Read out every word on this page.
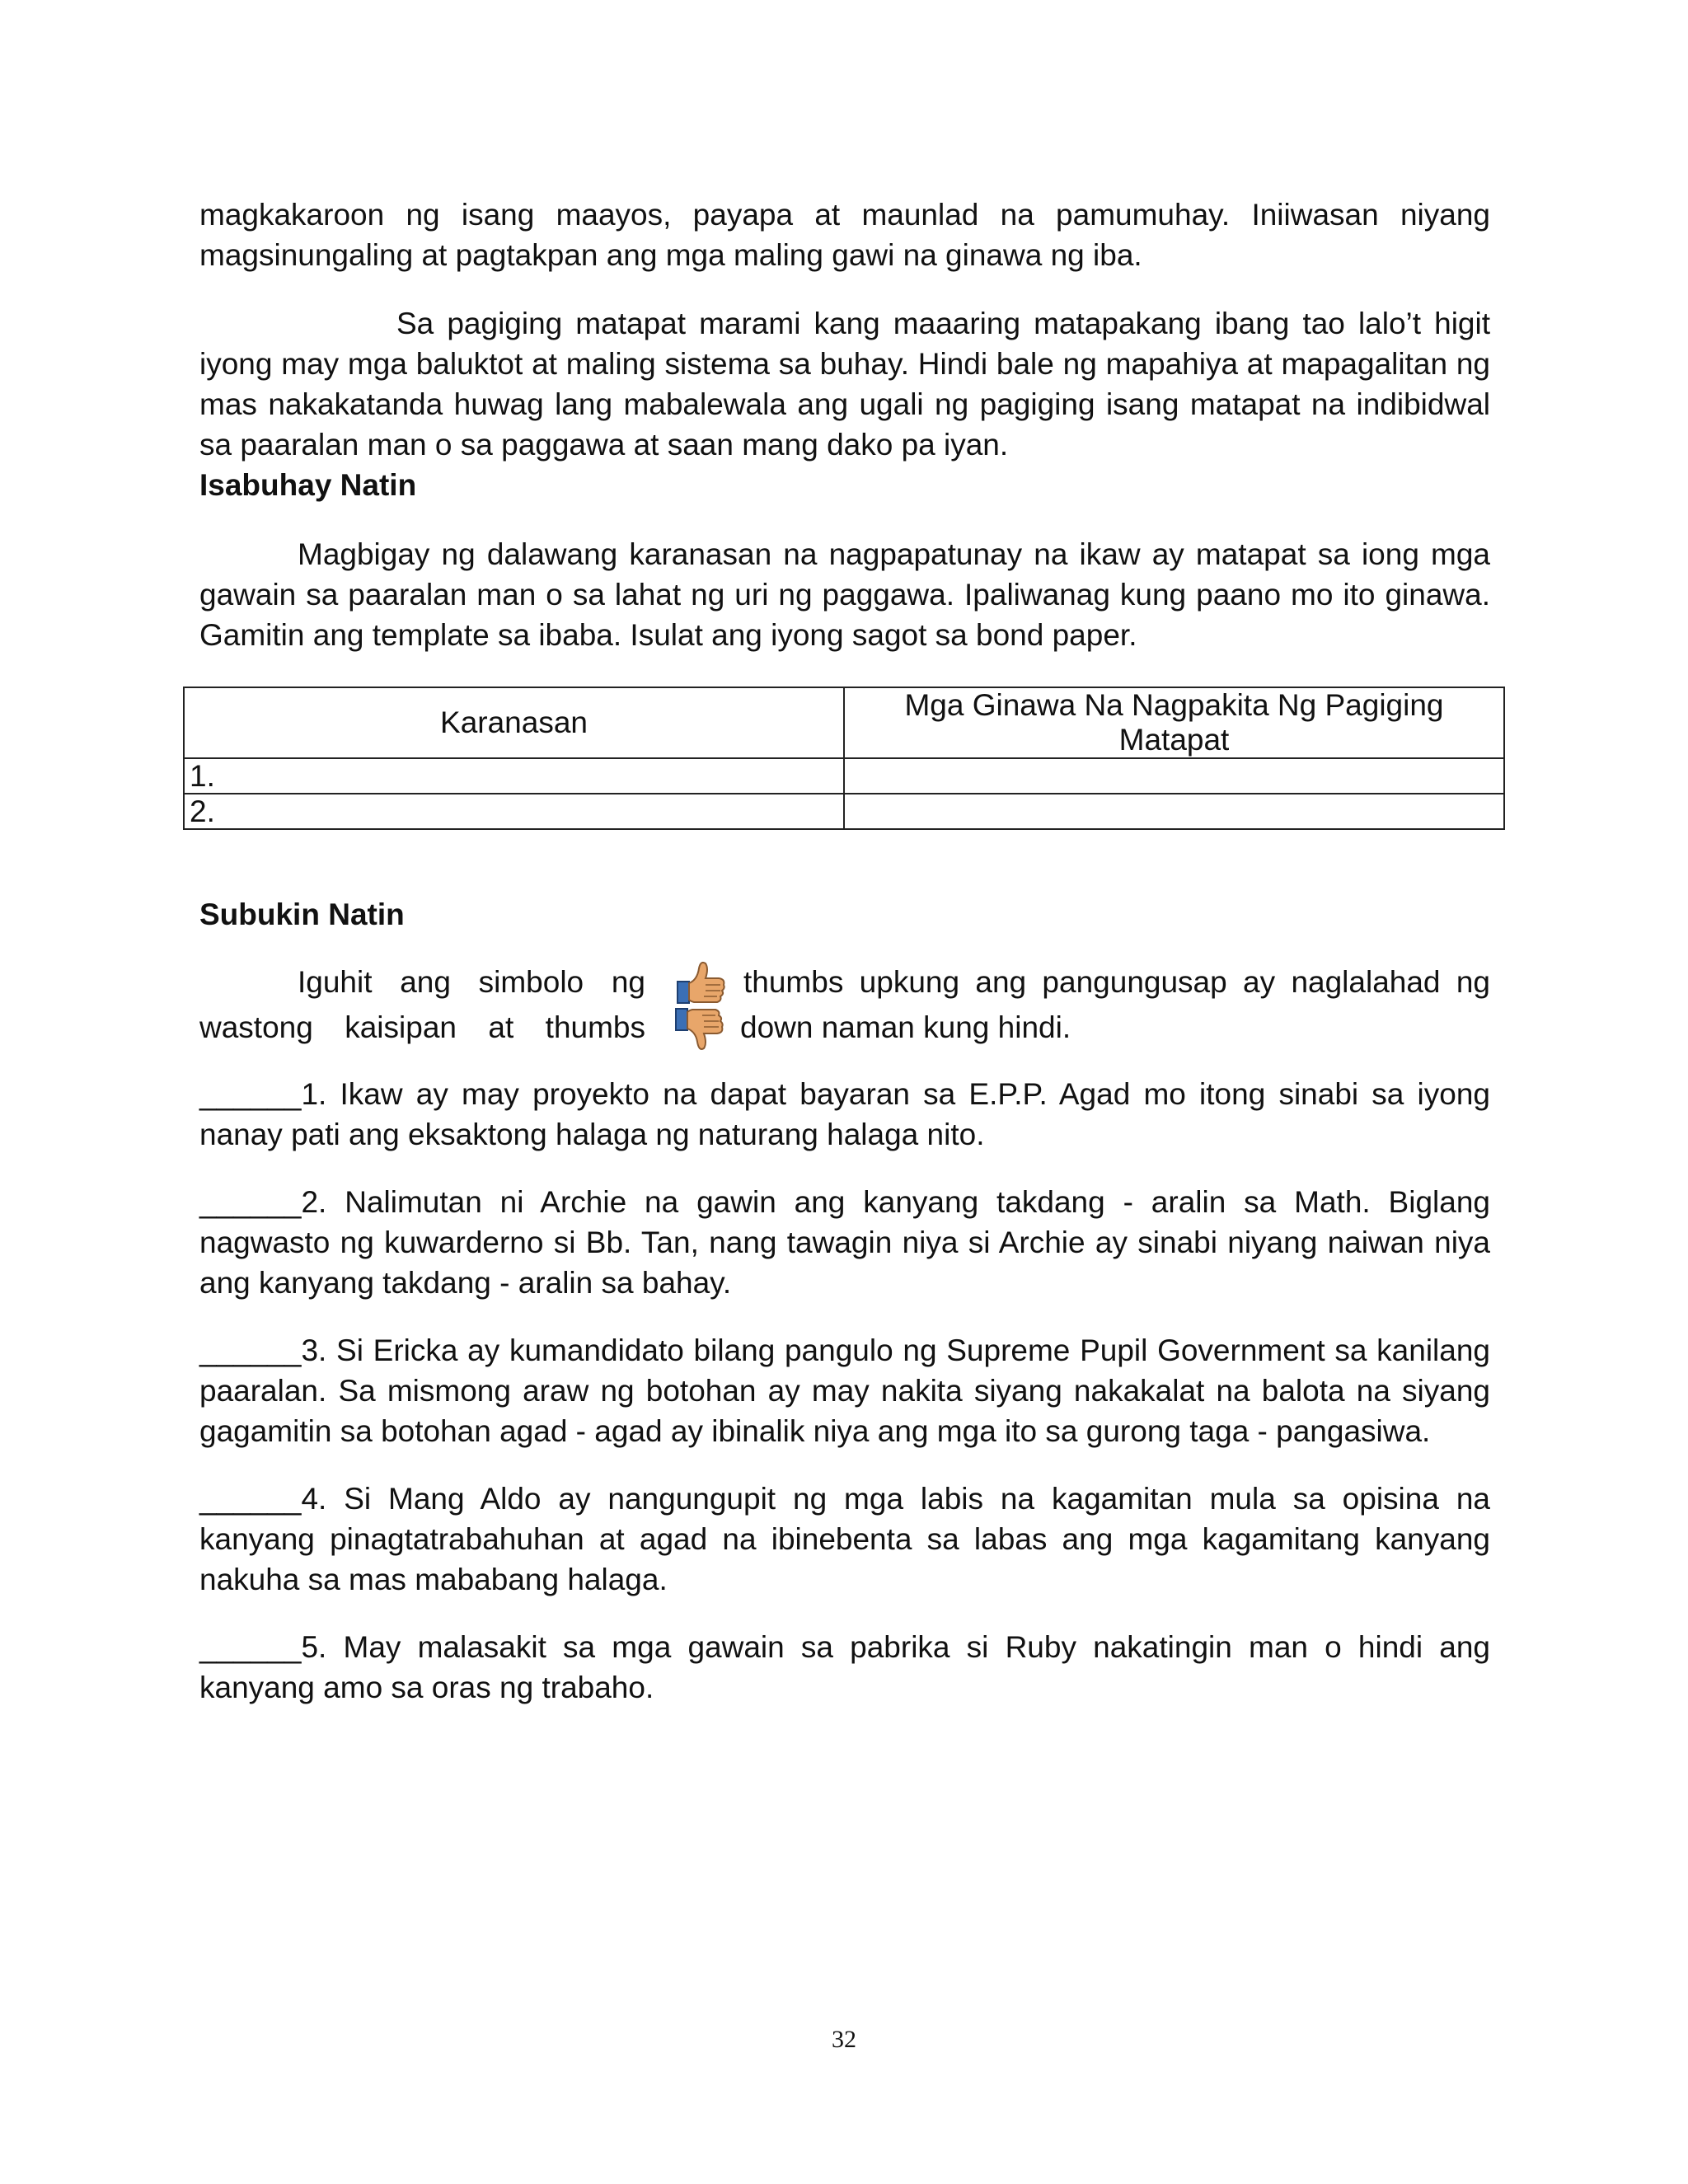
magkakaroon ng isang maayos, payapa at maunlad na pamumuhay. Iniiwasan niyang

magsinungaling at pagtakpan ang mga maling gawi na ginawa ng iba.

Sa pagiging matapat marami kang maaaring matapakang ibang tao lalo’t higit iyong may mga baluktot at maling sistema sa buhay. Hindi bale ng mapahiya at mapagalitan ng mas nakakatanda huwag lang mabalewala ang ugali ng pagiging isang matapat na indibidwal sa paaralan man o sa paggawa at saan mang dako pa iyan.

Isabuhay Natin

Magbigay ng dalawang karanasan na nagpapatunay na ikaw ay matapat sa iong mga gawain sa paaralan man o sa lahat ng uri ng paggawa. Ipaliwanag kung paano mo ito ginawa. Gamitin ang template sa ibaba. Isulat ang iyong sagot sa bond paper.

Karanasan	Mga Ginawa Na Nagpakita Ng Pagiging Matapat
1.	
2.	

Subukin Natin

Iguhit ang simbolo ng	thumbs upkung ang pangungusap ay naglalahad ng
wastong kaisipan at thumbs	down naman kung hindi.

______1. Ikaw ay may proyekto na dapat bayaran sa E.P.P. Agad mo itong sinabi sa iyong nanay pati ang eksaktong halaga ng naturang halaga nito.

______2. Nalimutan ni Archie na gawin ang kanyang takdang - aralin sa Math. Biglang nagwasto ng kuwarderno si Bb. Tan, nang tawagin niya si Archie ay sinabi niyang naiwan niya ang kanyang takdang - aralin sa bahay.

______3. Si Ericka ay kumandidato bilang pangulo ng Supreme Pupil Government sa kanilang paaralan. Sa mismong araw ng botohan ay may nakita siyang nakakalat na balota na siyang gagamitin sa botohan agad - agad ay ibinalik niya ang mga ito sa gurong taga - pangasiwa.

______4. Si Mang Aldo ay nangungupit ng mga labis na kagamitan mula sa opisina na kanyang pinagtatrabahuhan at agad na ibinebenta sa labas ang mga kagamitang kanyang nakuha sa mas mababang halaga.

______5. May malasakit sa mga gawain sa pabrika si Ruby nakatingin man o hindi ang kanyang amo sa oras ng trabaho.

32
